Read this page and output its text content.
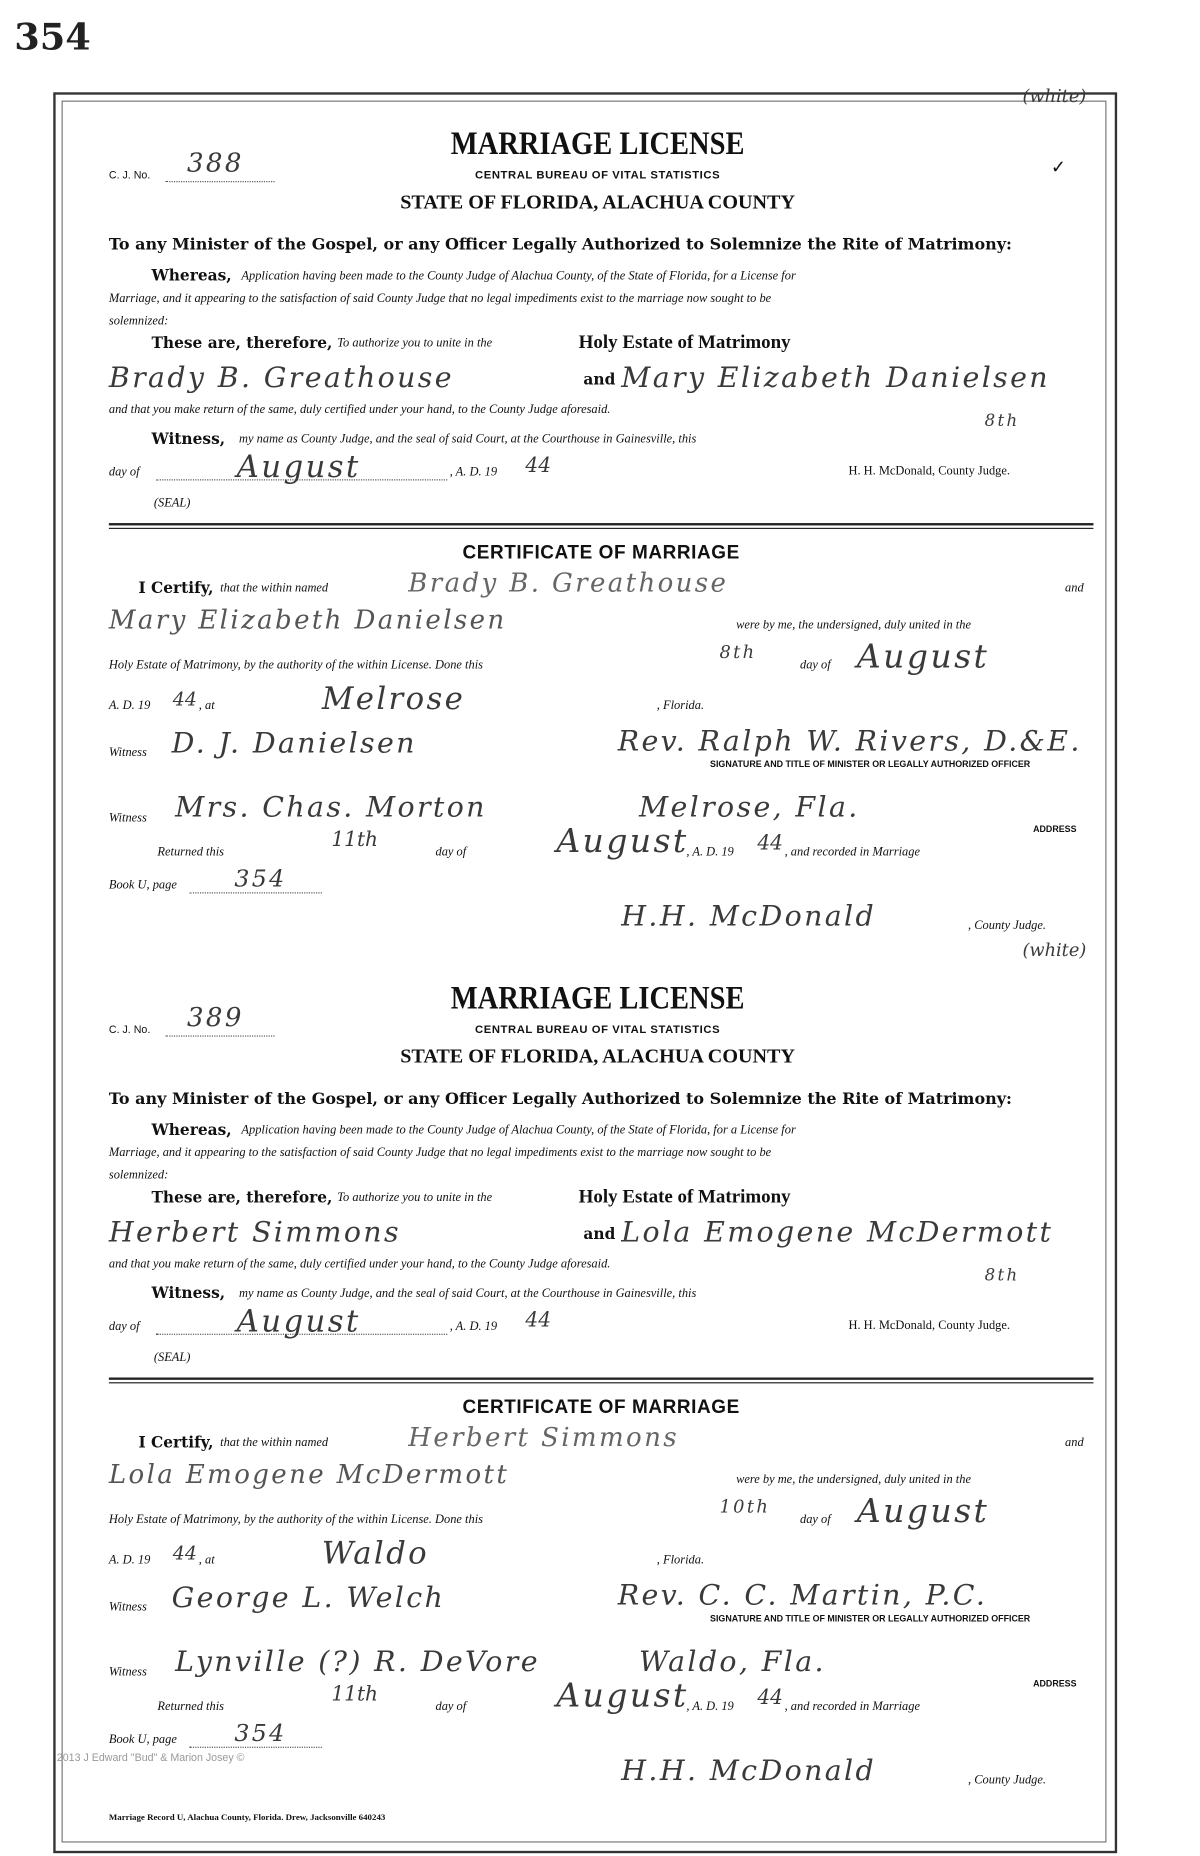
354
(white)
✓
MARRIAGE LICENSE
C. J. No. 388	CENTRAL BUREAU OF VITAL STATISTICS
STATE OF FLORIDA, ALACHUA COUNTY
To any Minister of the Gospel, or any Officer Legally Authorized to Solemnize the Rite of Matrimony:
Whereas, Application having been made to the County Judge of Alachua County, of the State of Florida, for a License for
Marriage, and it appearing to the satisfaction of said County Judge that no legal impediments exist to the marriage now sought to be
solemnized:
These are, therefore, To authorize you to unite in the	Holy Estate of Matrimony
Brady B. Greathouse	and Mary Elizabeth Danielsen
and that you make return of the same, duly certified under your hand, to the County Judge aforesaid.
Witness, my name as County Judge, and the seal of said Court, at the Courthouse in Gainesville, this
8th
day of	August	, A. D. 19 44	H. H. McDonald, County Judge.
(SEAL)
CERTIFICATE OF MARRIAGE
I Certify, that the within named	Brady B. Greathouse	and
Mary Elizabeth Danielsen	were by me, the undersigned, duly united in the
Holy Estate of Matrimony, by the authority of the within License. Done this
8th
day of August
A. D. 19 44 , at	Melrose	, Florida.
Witness D. J. Danielsen	Rev. Ralph W. Rivers, D.&E.
SIGNATURE AND TITLE OF MINISTER OR LEGALLY AUTHORIZED OFFICER
Witness Mrs. Chas. Morton	Melrose, Fla.
ADDRESS
Returned this
11th
day of	August
, A. D. 19 44 , and recorded in Marriage
Book U, page	354
H.H. McDonald	, County Judge.
(white)
MARRIAGE LICENSE
C. J. No. 389	CENTRAL BUREAU OF VITAL STATISTICS
STATE OF FLORIDA, ALACHUA COUNTY
To any Minister of the Gospel, or any Officer Legally Authorized to Solemnize the Rite of Matrimony:
Whereas, Application having been made to the County Judge of Alachua County, of the State of Florida, for a License for
Marriage, and it appearing to the satisfaction of said County Judge that no legal impediments exist to the marriage now sought to be
solemnized:
These are, therefore, To authorize you to unite in the	Holy Estate of Matrimony
Herbert Simmons	and Lola Emogene McDermott
and that you make return of the same, duly certified under your hand, to the County Judge aforesaid.
Witness, my name as County Judge, and the seal of said Court, at the Courthouse in Gainesville, this
8th
day of	August	, A. D. 19 44	H. H. McDonald, County Judge.
(SEAL)
CERTIFICATE OF MARRIAGE
I Certify, that the within named	Herbert Simmons	and
Lola Emogene McDermott	were by me, the undersigned, duly united in the
Holy Estate of Matrimony, by the authority of the within License. Done this
10th
day of August
A. D. 19 44 , at	Waldo	, Florida.
Witness George L. Welch	Rev. C. C. Martin, P.C.
SIGNATURE AND TITLE OF MINISTER OR LEGALLY AUTHORIZED OFFICER
Witness Lynville (?) R. DeVore	Waldo, Fla.
ADDRESS
Returned this
11th
day of	August
, A. D. 19 44 , and recorded in Marriage
Book U, page	354
H.H. McDonald	, County Judge.
2013 J Edward "Bud" & Marion Josey ©
Marriage Record U, Alachua County, Florida. Drew, Jacksonville 640243
